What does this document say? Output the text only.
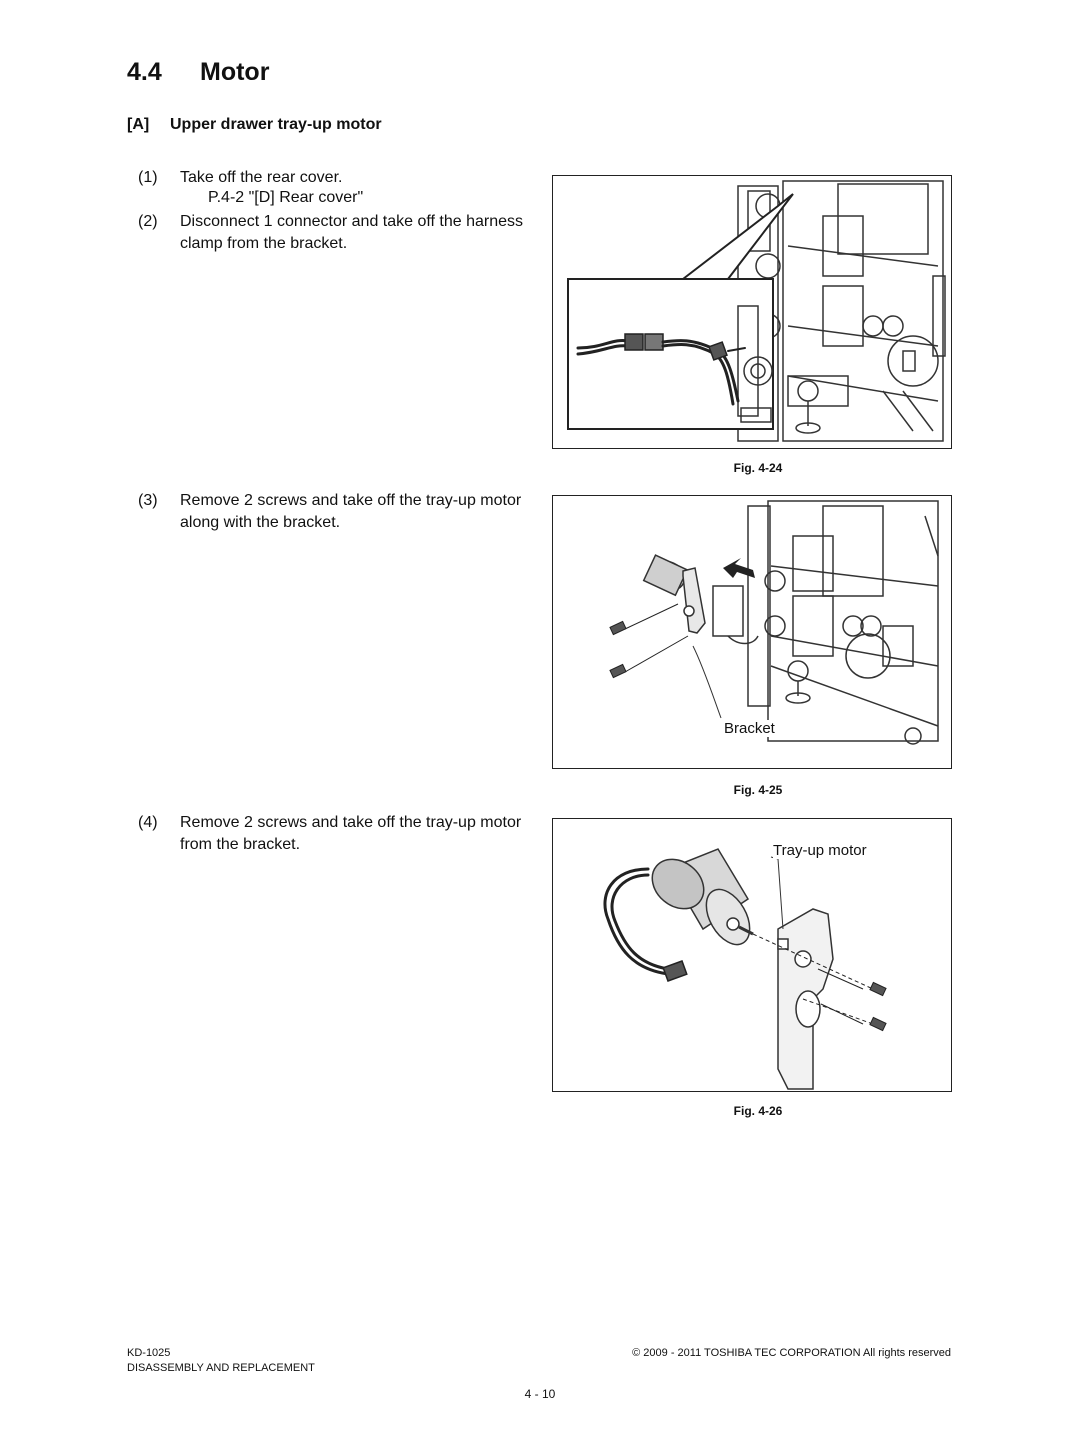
4.4 Motor
[A] Upper drawer tray-up motor
(1) Take off the rear cover.
P.4-2 "[D] Rear cover"
(2) Disconnect 1 connector and take off the harness clamp from the bracket.
(3) Remove 2 screws and take off the tray-up motor along with the bracket.
(4) Remove 2 screws and take off the tray-up motor from the bracket.
Fig. 4-24
Bracket
Fig. 4-25
Tray-up motor
Fig. 4-26
KD-1025
DISASSEMBLY AND REPLACEMENT
© 2009 - 2011 TOSHIBA TEC CORPORATION All rights reserved
4 - 10
